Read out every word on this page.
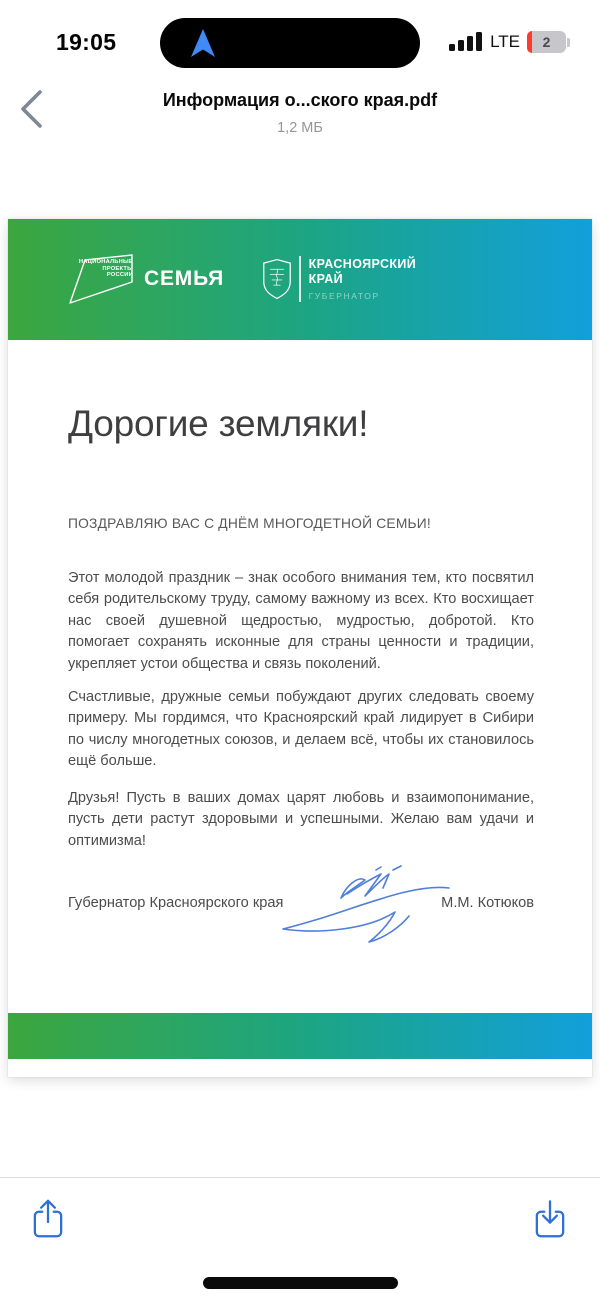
19:05	LTE 2
Информация о...ского края.pdf
1,2 МБ
НАЦИОНАЛЬНЫЕ
ПРОЕКТЫ
РОССИИ СЕМЬЯ
КРАСНОЯРСКИЙ
КРАЙ
ГУБЕРНАТОР
Дорогие земляки!
ПОЗДРАВЛЯЮ ВАС С ДНЁМ МНОГОДЕТНОЙ СЕМЬИ!

Этот молодой праздник – знак особого внимания тем, кто посвятил себя родительскому труду, самому важному из всех. Кто восхищает нас своей душевной щедростью, мудростью, добротой. Кто помогает сохранять исконные для страны ценности и традиции, укрепляет устои общества и связь поколений.

Счастливые, дружные семьи побуждают других следовать своему примеру. Мы гордимся, что Красноярский край лидирует в Сибири по числу многодетных союзов, и делаем всё, чтобы их становилось ещё больше.

Друзья! Пусть в ваших домах царят любовь и взаимопонимание, пусть дети растут здоровыми и успешными. Желаю вам удачи и оптимизма!

Губернатор Красноярского края	М.М. Котюков
